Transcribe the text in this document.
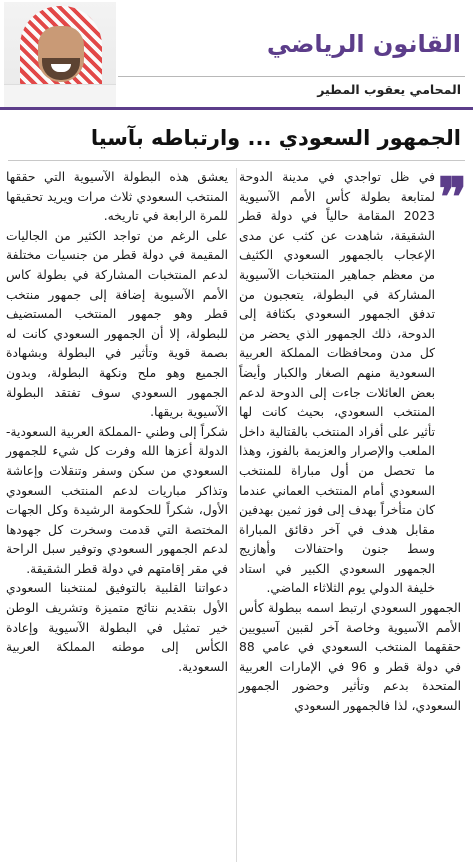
القانون الرياضي
المحامي يعقوب المطير
الجمهور السعودي ... وارتباطه بآسيا
❞

في ظل تواجدي في مدينة الدوحة لمتابعة بطولة كأس الأمم الآسيوية 2023 المقامة حالياً في دولة قطر الشقيقة، شاهدت عن كثب عن مدى الإعجاب بالجمهور السعودي الكثيف من معظم جماهير المنتخبات الآسيوية المشاركة في البطولة، يتعجبون من تدفق الجمهور السعودي بكثافة إلى الدوحة، ذلك الجمهور الذي يحضر من كل مدن ومحافظات المملكة العربية السعودية منهم الصغار والكبار وأيضاً بعض العائلات جاءت إلى الدوحة لدعم المنتخب السعودي، بحيث كانت لها تأثير على أفراد المنتخب بالقتالية داخل الملعب والإصرار والعزيمة بالفوز، وهذا ما تحصل من أول مباراة للمنتخب السعودي أمام المنتخب العماني عندما كان متأخراً بهدف إلى فوز ثمين بهدفين مقابل هدف في آخر دقائق المباراة وسط جنون واحتفالات وأهازيج الجمهور السعودي الكبير في استاد خليفة الدولي يوم الثلاثاء الماضي.

الجمهور السعودي ارتبط اسمه ببطولة كأس الأمم الآسيوية وخاصة آخر لقبين آسيويين حققهما المنتخب السعودي في عامي 88 في دولة قطر و 96 في الإمارات العربية المتحدة بدعم وتأثير وحضور الجمهور السعودي، لذا فالجمهور السعودي

يعشق هذه البطولة الآسيوية التي حققها المنتخب السعودي ثلاث مرات ويريد تحقيقها للمرة الرابعة في تاريخه.

على الرغم من تواجد الكثير من الجاليات المقيمة في دولة قطر من جنسيات مختلفة لدعم المنتخبات المشاركة في بطولة كاس الأمم الآسيوية إضافة إلى جمهور منتخب قطر وهو جمهور المنتخب المستضيف للبطولة، إلا أن الجمهور السعودي كانت له بصمة قوية وتأثير في البطولة وبشهادة الجميع وهو ملح ونكهة البطولة، وبدون الجمهور السعودي سوف تفتقد البطولة الآسيوية بريقها.

شكراً إلى وطني -المملكة العربية السعودية- الدولة أعزها الله وفرت كل شيء للجمهور السعودي من سكن وسفر وتنقلات وإعاشة وتذاكر مباريات لدعم المنتخب السعودي الأول، شكراً للحكومة الرشيدة وكل الجهات المختصة التي قدمت وسخرت كل جهودها لدعم الجمهور السعودي وتوفير سبل الراحة في مقر إقامتهم في دولة قطر الشقيقة.

دعواتنا القلبية بالتوفيق لمنتخبنا السعودي الأول بتقديم نتائج متميزة وتشريف الوطن خير تمثيل في البطولة الآسيوية وإعادة الكأس إلى موطنه المملكة العربية السعودية.
